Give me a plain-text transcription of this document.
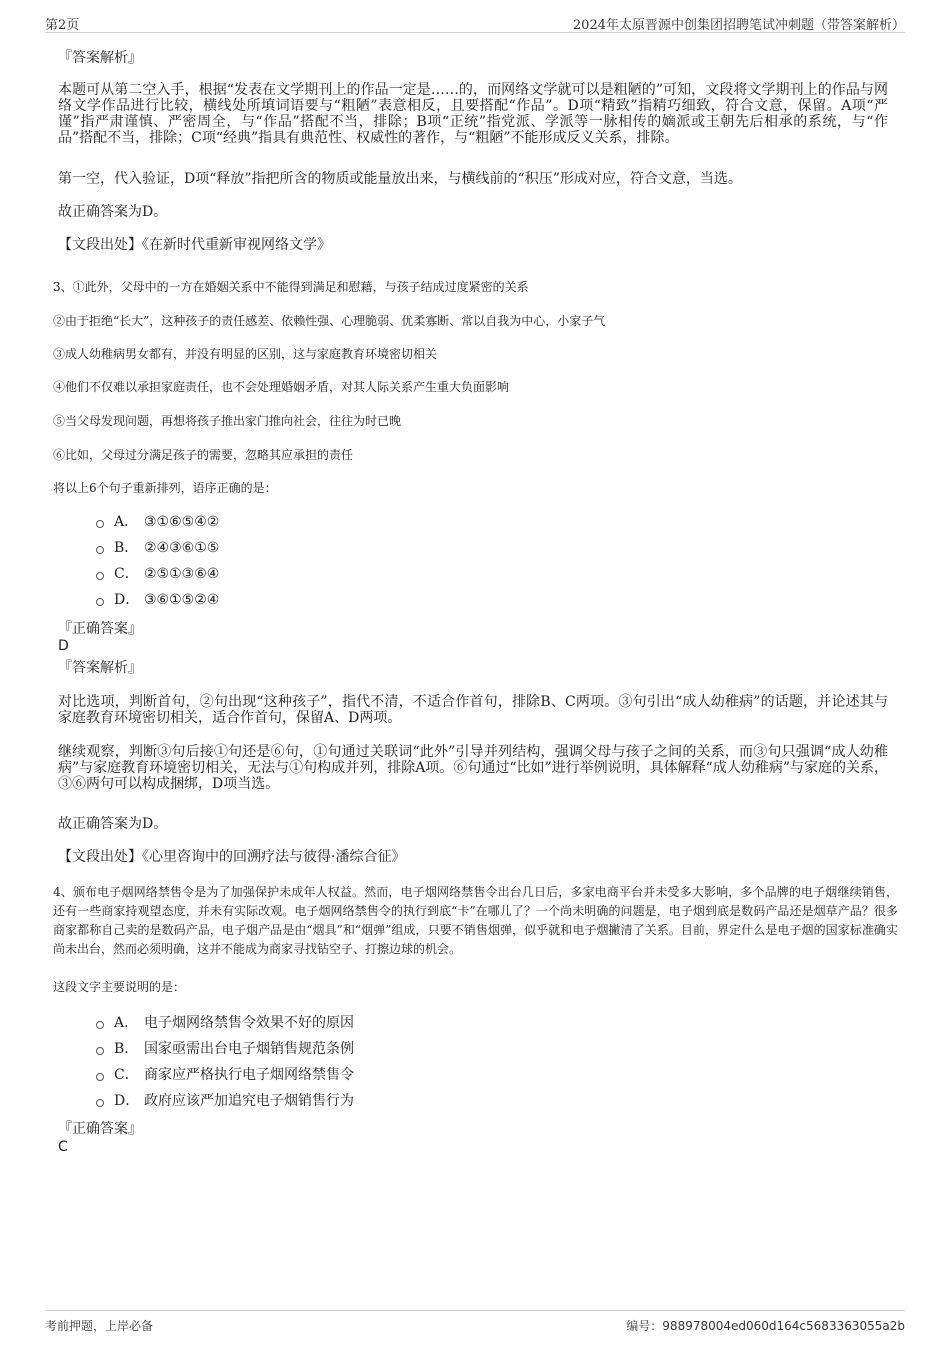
第2页	2024年太原晋源中创集团招聘笔试冲刺题（带答案解析）
『答案解析』
本题可从第二空入手，根据“发表在文学期刊上的作品一定是……的，而网络文学就可以是粗陋的”可知，文段将文学期刊上的作品与网络文学作品进行比较，横线处所填词语要与“粗陋”表意相反，且要搭配“作品”。D项“精致”指精巧细致，符合文意，保留。A项“严谨”指严肃谨慎、严密周全，与“作品”搭配不当，排除；B项“正统”指党派、学派等一脉相传的嫡派或王朝先后相承的系统，与“作品”搭配不当，排除；C项“经典”指具有典范性、权威性的著作，与“粗陋”不能形成反义关系，排除。
第一空，代入验证，D项“释放”指把所含的物质或能量放出来，与横线前的“积压”形成对应，符合文意，当选。
故正确答案为D。
【文段出处】《在新时代重新审视网络文学》
3、①此外，父母中的一方在婚姻关系中不能得到满足和慰藉，与孩子结成过度紧密的关系
②由于拒绝“长大”，这种孩子的责任感差、依赖性强、心理脆弱、优柔寡断、常以自我为中心，小家子气
③成人幼稚病男女都有，并没有明显的区别，这与家庭教育环境密切相关
④他们不仅难以承担家庭责任，也不会处理婚姻矛盾，对其人际关系产生重大负面影响
⑤当父母发现问题，再想将孩子推出家门推向社会，往往为时已晚
⑥比如，父母过分满足孩子的需要，忽略其应承担的责任
将以上6个句子重新排列，语序正确的是：
A． ③①⑥⑤④②
B． ②④③⑥①⑤
C． ②⑤①③⑥④
D． ③⑥①⑤②④
『正确答案』
D
『答案解析』
对比选项，判断首句，②句出现“这种孩子”，指代不清，不适合作首句，排除B、C两项。③句引出“成人幼稚病”的话题，并论述其与家庭教育环境密切相关，适合作首句，保留A、D两项。
继续观察，判断③句后接①句还是⑥句，①句通过关联词“此外”引导并列结构，强调父母与孩子之间的关系，而③句只强调“成人幼稚病”与家庭教育环境密切相关，无法与①句构成并列，排除A项。⑥句通过“比如”进行举例说明，具体解释“成人幼稚病”与家庭的关系，③⑥两句可以构成捆绑，D项当选。
故正确答案为D。
【文段出处】《心里咨询中的回溯疗法与彼得·潘综合征》
4、颁布电子烟网络禁售令是为了加强保护未成年人权益。然而，电子烟网络禁售令出台几日后，多家电商平台并未受多大影响，多个品牌的电子烟继续销售，还有一些商家持观望态度，并未有实际改观。电子烟网络禁售令的执行到底“卡”在哪儿了？一个尚未明确的问题是，电子烟到底是数码产品还是烟草产品？很多商家都称自己卖的是数码产品，电子烟产品是由“烟具”和“烟弹”组成，只要不销售烟弹，似乎就和电子烟撇清了关系。目前，界定什么是电子烟的国家标准确实尚未出台，然而必须明确，这并不能成为商家寻找钻空子、打擦边球的机会。
这段文字主要说明的是：
A． 电子烟网络禁售令效果不好的原因
B． 国家亟需出台电子烟销售规范条例
C． 商家应严格执行电子烟网络禁售令
D． 政府应该严加追究电子烟销售行为
『正确答案』
C
考前押题，上岸必备	编号：988978004ed060d164c5683363055a2b
